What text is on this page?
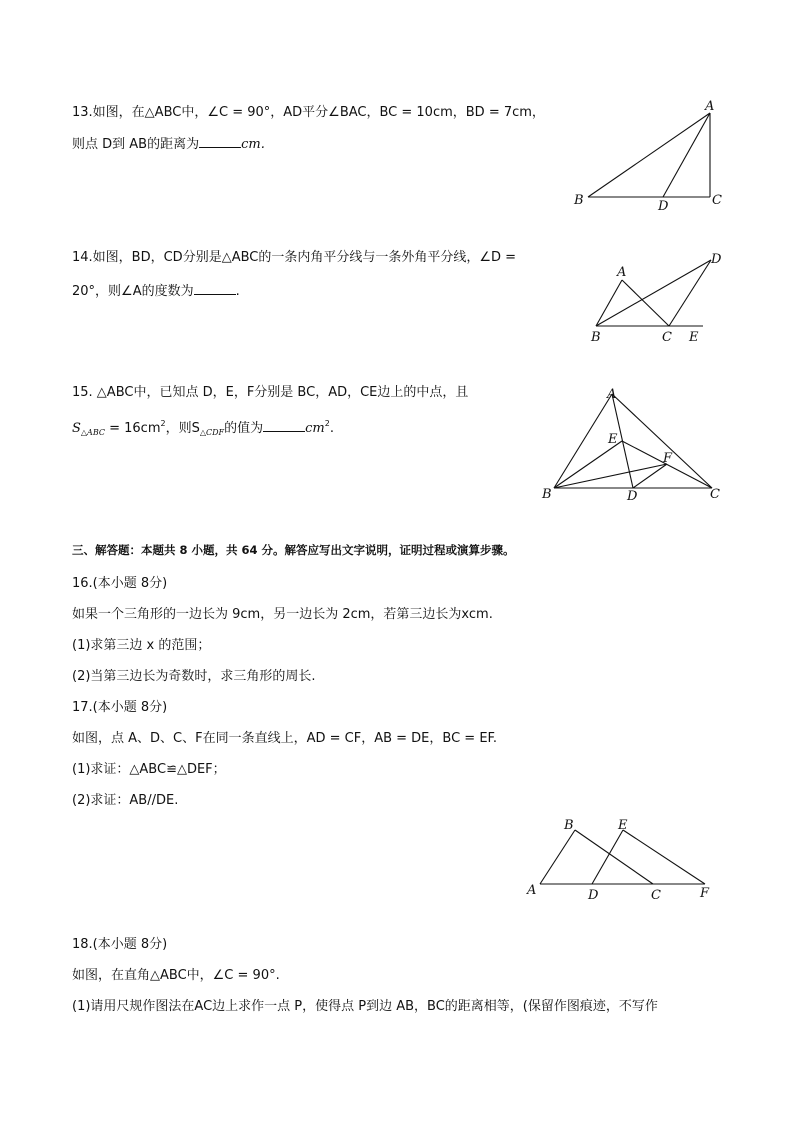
13.如图，在△ABC中，∠C = 90°，AD平分∠BAC，BC = 10cm，BD = 7cm，
则点 D到 AB的距离为	cm.
A
B	C
D
14.如图，BD，CD分别是△ABC的一条内角平分线与一条外角平分线，∠D =
20°，则∠A的度数为	.
A
B	C
D
E
15. △ABC中，已知点 D，E，F分别是 BC，AD，CE边上的中点，且
$S_{\triangle ABC} = 16cm^2$，则$S_{\triangle CDF}$的值为	$cm^2$.
A
B	C
D
E
F
三、解答题：本题共 8 小题，共 64 分。解答应写出文字说明，证明过程或演算步骤。
16.(本小题 8分)
如果一个三角形的一边长为 9cm，另一边长为 2cm，若第三边长为xcm.
(1)求第三边 x 的范围；
(2)当第三边长为奇数时，求三角形的周长.
17.(本小题 8分)
如图，点 A、D、C、F在同一条直线上，AD = CF，AB = DE，BC = EF.
(1)求证：△ABC≌△DEF；
(2)求证：AB//DE.
A
B
C
D
E
F
18.(本小题 8分)
如图，在直角△ABC中，∠C = 90°.
(1)请用尺规作图法在AC边上求作一点 P，使得点 P到边 AB，BC的距离相等，(保留作图痕迹，不写作
